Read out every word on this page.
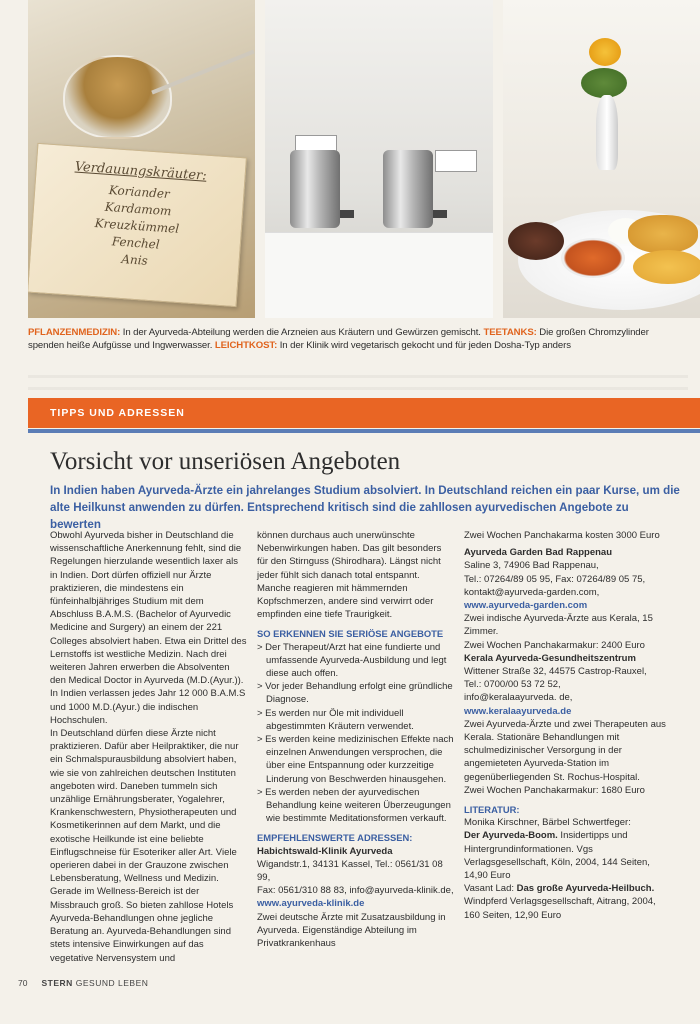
Verdauungskräuter:
Koriander
Kardamom
Kreuzkümmel
Fenchel
Anis
PFLANZENMEDIZIN: In der Ayurveda-Abteilung werden die Arzneien aus Kräutern und Gewürzen gemischt. TEETANKS: Die großen Chromzylinder spenden heiße Aufgüsse und Ingwerwasser. LEICHTKOST: In der Klinik wird vegetarisch gekocht und für jeden Dosha-Typ anders
TIPPS UND ADRESSEN
Vorsicht vor unseriösen Angeboten
In Indien haben Ayurveda-Ärzte ein jahrelanges Studium absolviert. In Deutschland reichen ein paar Kurse, um die alte Heilkunst anwenden zu dürfen. Entsprechend kritisch sind die zahllosen ayurvedischen Angebote zu bewerten

Obwohl Ayurveda bisher in Deutschland die wissenschaftliche Anerkennung fehlt, sind die Regelungen hierzulande wesentlich laxer als in Indien. Dort dürfen offiziell nur Ärzte praktizieren, die mindestens ein fünfeinhalbjähriges Studium mit dem Abschluss B.A.M.S. (Bachelor of Ayurvedic Medicine and Surgery) an einem der 221 Colleges absolviert haben. Etwa ein Drittel des Lernstoffs ist westliche Medizin. Nach drei weiteren Jahren erwerben die Absolventen den Medical Doctor in Ayurveda (M.D.(Ayur.)). In Indien verlassen jedes Jahr 12 000 B.A.M.S und 1000 M.D.(Ayur.) die indischen Hochschulen.

In Deutschland dürfen diese Ärzte nicht praktizieren. Dafür aber Heilpraktiker, die nur ein Schmalspurausbildung absolviert haben, wie sie von zahlreichen deutschen Instituten angeboten wird. Daneben tummeln sich unzählige Ernährungsberater, Yogalehrer, Krankenschwestern, Physiotherapeuten und Kosmetikerinnen auf dem Markt, und die exotische Heilkunde ist eine beliebte Einflugschneise für Esoteriker aller Art. Viele operieren dabei in der Grauzone zwischen Lebensberatung, Wellness und Medizin. Gerade im Wellness-Bereich ist der Missbrauch groß. So bieten zahllose Hotels Ayurveda-Behandlungen ohne jegliche Beratung an. Ayurveda-Behandlungen sind stets intensive Einwirkungen auf das vegetative Nervensystem und

können durchaus auch unerwünschte Nebenwirkungen haben. Das gilt besonders für den Stirnguss (Shirodhara). Längst nicht jeder fühlt sich danach total entspannt. Manche reagieren mit hämmernden Kopfschmerzen, andere sind verwirrt oder empfinden eine tiefe Traurigkeit.

SO ERKENNEN SIE SERIÖSE ANGEBOTE

> Der Therapeut/Arzt hat eine fundierte und umfassende Ayurveda-Ausbildung und legt diese auch offen.

> Vor jeder Behandlung erfolgt eine gründliche Diagnose.

> Es werden nur Öle mit individuell abgestimmten Kräutern verwendet.

> Es werden keine medizinischen Effekte nach einzelnen Anwendungen versprochen, die über eine Entspannung oder kurzzeitige Linderung von Beschwerden hinausgehen.

> Es werden neben der ayurvedischen Behandlung keine weiteren Überzeugungen wie bestimmte Meditationsformen verkauft.

EMPFEHLENSWERTE ADRESSEN:

Habichtswald-Klinik Ayurveda

Wigandstr.1, 34131 Kassel, Tel.: 0561/31 08 99,

Fax: 0561/310 88 83, info@ayurveda-klinik.de,

www.ayurveda-klinik.de

Zwei deutsche Ärzte mit Zusatzausbildung in Ayurveda. Eigenständige Abteilung im Privatkrankenhaus

Zwei Wochen Panchakarma kosten 3000 Euro

Ayurveda Garden Bad Rappenau

Saline 3, 74906 Bad Rappenau,

Tel.: 07264/89 05 95, Fax: 07264/89 05 75,

kontakt@ayurveda-garden.com,

www.ayurveda-garden.com

Zwei indische Ayurveda-Ärzte aus Kerala, 15 Zimmer.

Zwei Wochen Panchakarmakur: 2400 Euro

Kerala Ayurveda-Gesundheitszentrum

Wittener Straße 32, 44575 Castrop-Rauxel,

Tel.: 0700/00 53 72 52,

info@keralaayurveda. de,

www.keralaayurveda.de

Zwei Ayurveda-Ärzte und zwei Therapeuten aus Kerala. Stationäre Behandlungen mit schulmedizinischer Versorgung in der angemieteten Ayurveda-Station im gegenüberliegenden St. Rochus-Hospital.

Zwei Wochen Panchakarmakur: 1680 Euro

LITERATUR:

Monika Kirschner, Bärbel Schwertfeger:

Der Ayurveda-Boom. Insidertipps und Hintergrundinformationen. Vgs Verlagsgesellschaft, Köln, 2004, 144 Seiten, 14,90 Euro

Vasant Lad: Das große Ayurveda-Heilbuch. Windpferd Verlagsgesellschaft, Aitrang, 2004, 160 Seiten, 12,90 Euro

70 STERN GESUND LEBEN
